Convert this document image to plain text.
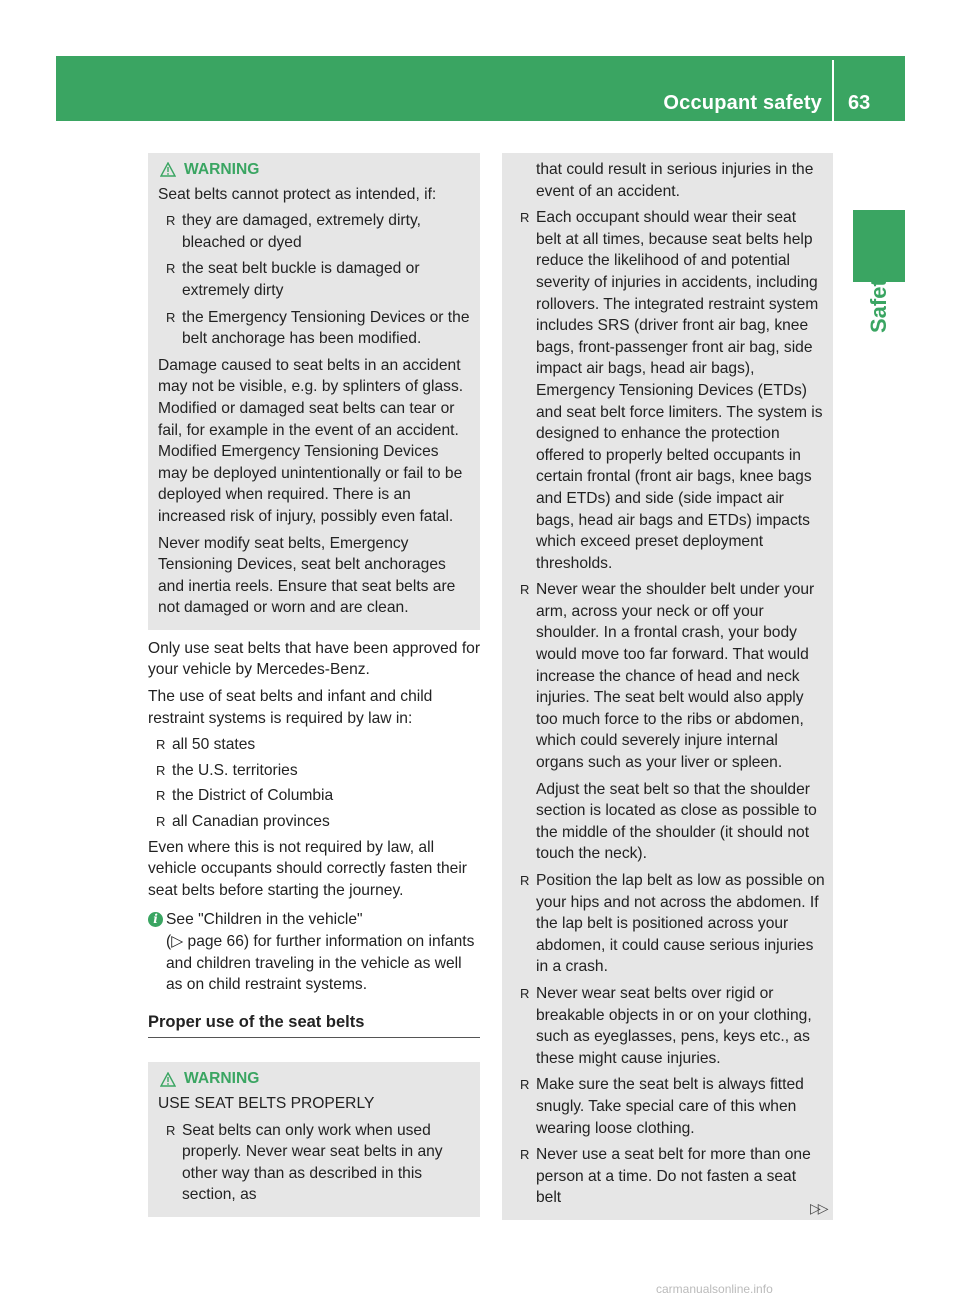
Occupant safety 63
Safety
WARNING
Seat belts cannot protect as intended, if:
R they are damaged, extremely dirty, bleached or dyed
R the seat belt buckle is damaged or extremely dirty
R the Emergency Tensioning Devices or the belt anchorage has been modified.
Damage caused to seat belts in an accident may not be visible, e.g. by splinters of glass. Modified or damaged seat belts can tear or fail, for example in the event of an accident. Modified Emergency Tensioning Devices may be deployed unintentionally or fail to be deployed when required. There is an increased risk of injury, possibly even fatal.
Never modify seat belts, Emergency Tensioning Devices, seat belt anchorages and inertia reels. Ensure that seat belts are not damaged or worn and are clean.
Only use seat belts that have been approved for your vehicle by Mercedes-Benz.
The use of seat belts and infant and child restraint systems is required by law in:
R all 50 states
R the U.S. territories
R the District of Columbia
R all Canadian provinces
Even where this is not required by law, all vehicle occupants should correctly fasten their seat belts before starting the journey.
i See "Children in the vehicle"
(▷ page 66) for further information on infants and children traveling in the vehicle as well as on child restraint systems.
Proper use of the seat belts
WARNING
USE SEAT BELTS PROPERLY
R Seat belts can only work when used properly. Never wear seat belts in any other way than as described in this section, as
that could result in serious injuries in the event of an accident.
R Each occupant should wear their seat belt at all times, because seat belts help reduce the likelihood of and potential severity of injuries in accidents, including rollovers. The integrated restraint system includes SRS (driver front air bag, knee bags, front-passenger front air bag, side impact air bags, head air bags), Emergency Tensioning Devices (ETDs) and seat belt force limiters. The system is designed to enhance the protection offered to properly belted occupants in certain frontal (front air bags, knee bags and ETDs) and side (side impact air bags, head air bags and ETDs) impacts which exceed preset deployment thresholds.
R Never wear the shoulder belt under your arm, across your neck or off your shoulder. In a frontal crash, your body would move too far forward. That would increase the chance of head and neck injuries. The seat belt would also apply too much force to the ribs or abdomen, which could severely injure internal organs such as your liver or spleen.
Adjust the seat belt so that the shoulder section is located as close as possible to the middle of the shoulder (it should not touch the neck).
R Position the lap belt as low as possible on your hips and not across the abdomen. If the lap belt is positioned across your abdomen, it could cause serious injuries in a crash.
R Never wear seat belts over rigid or breakable objects in or on your clothing, such as eyeglasses, pens, keys etc., as these might cause injuries.
R Make sure the seat belt is always fitted snugly. Take special care of this when wearing loose clothing.
R Never use a seat belt for more than one person at a time. Do not fasten a seat belt
▷▷
carmanualsonline.info
